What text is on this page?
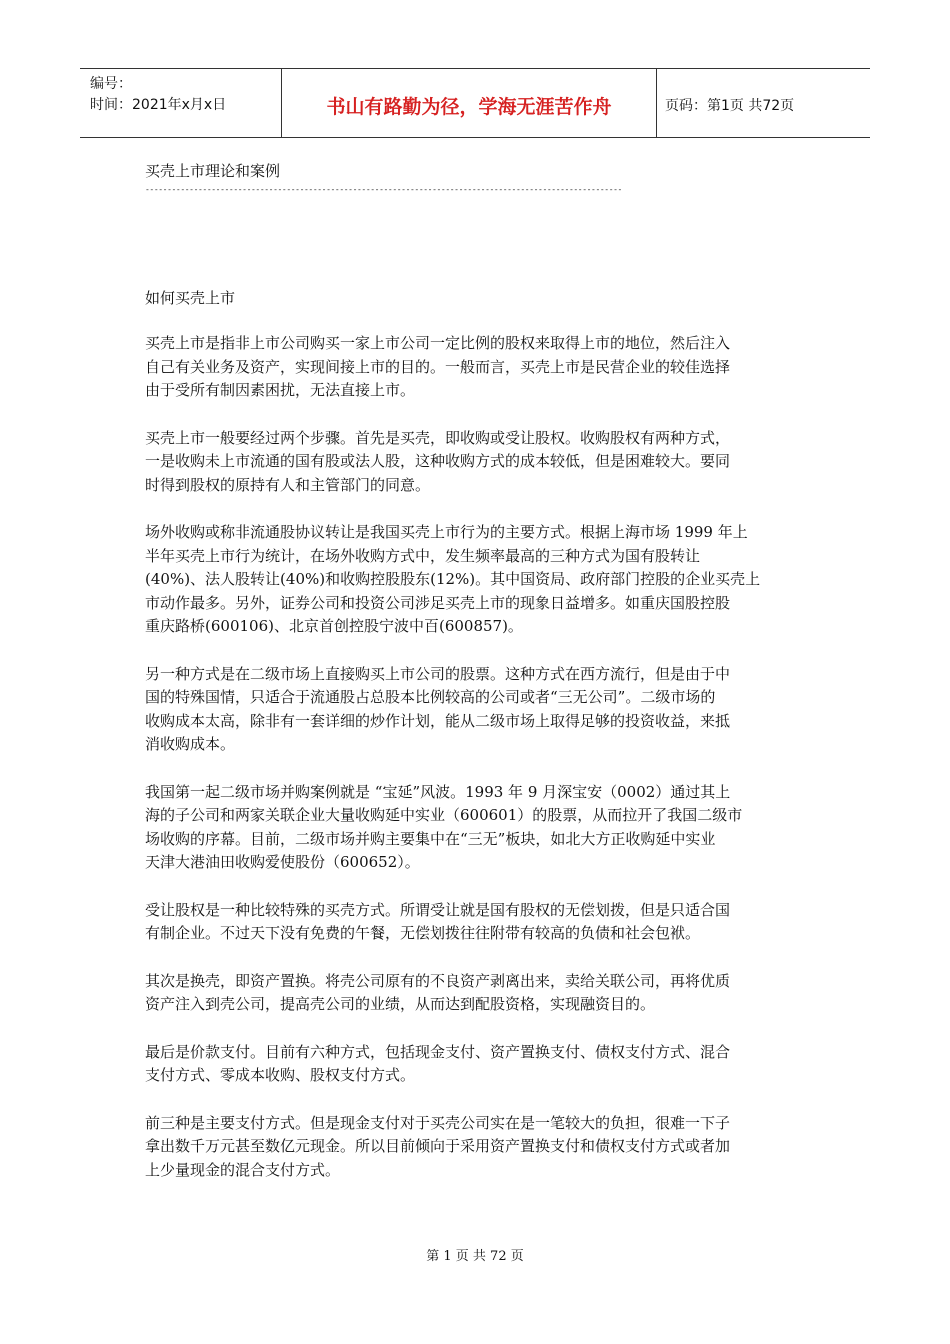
编号：
时间：2021年x月x日	书山有路勤为径，学海无涯苦作舟	页码：第1页 共72页
买壳上市理论和案例
------------------------------------------------------------------------------------------------------------
如何买壳上市
买壳上市是指非上市公司购买一家上市公司一定比例的股权来取得上市的地位，然后注入
自己有关业务及资产，实现间接上市的目的。一般而言，买壳上市是民营企业的较佳选择
由于受所有制因素困扰，无法直接上市。
买壳上市一般要经过两个步骤。首先是买壳，即收购或受让股权。收购股权有两种方式，
一是收购未上市流通的国有股或法人股，这种收购方式的成本较低，但是困难较大。要同
时得到股权的原持有人和主管部门的同意。
场外收购或称非流通股协议转让是我国买壳上市行为的主要方式。根据上海市场 1999 年上
半年买壳上市行为统计，在场外收购方式中，发生频率最高的三种方式为国有股转让
(40%)、法人股转让(40%)和收购控股股东(12%)。其中国资局、政府部门控股的企业买壳上
市动作最多。另外，证券公司和投资公司涉足买壳上市的现象日益增多。如重庆国股控股
重庆路桥(600106)、北京首创控股宁波中百(600857)。
另一种方式是在二级市场上直接购买上市公司的股票。这种方式在西方流行，但是由于中
国的特殊国情，只适合于流通股占总股本比例较高的公司或者“三无公司”。二级市场的
收购成本太高，除非有一套详细的炒作计划，能从二级市场上取得足够的投资收益，来抵
消收购成本。
我国第一起二级市场并购案例就是 “宝延”风波。1993 年 9 月深宝安（0002）通过其上
海的子公司和两家关联企业大量收购延中实业（600601）的股票，从而拉开了我国二级市
场收购的序幕。目前，二级市场并购主要集中在“三无”板块，如北大方正收购延中实业
天津大港油田收购爱使股份（600652）。
受让股权是一种比较特殊的买壳方式。所谓受让就是国有股权的无偿划拨，但是只适合国
有制企业。不过天下没有免费的午餐，无偿划拨往往附带有较高的负债和社会包袱。
其次是换壳，即资产置换。将壳公司原有的不良资产剥离出来，卖给关联公司，再将优质
资产注入到壳公司，提高壳公司的业绩，从而达到配股资格，实现融资目的。
最后是价款支付。目前有六种方式，包括现金支付、资产置换支付、债权支付方式、混合
支付方式、零成本收购、股权支付方式。
前三种是主要支付方式。但是现金支付对于买壳公司实在是一笔较大的负担，很难一下子
拿出数千万元甚至数亿元现金。所以目前倾向于采用资产置换支付和债权支付方式或者加
上少量现金的混合支付方式。
第 1 页 共 72 页
